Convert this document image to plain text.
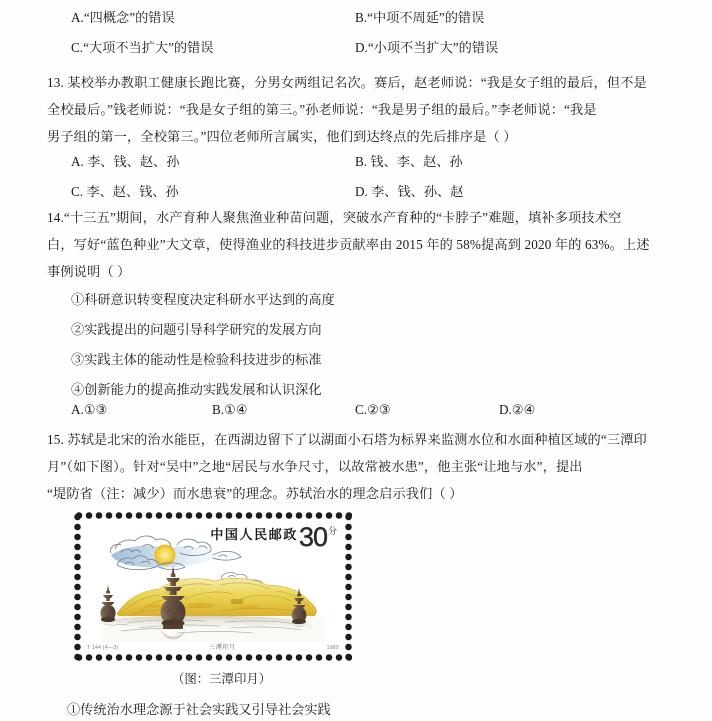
A.“四概念”的错误	B.“中项不周延”的错误
C.“大项不当扩大”的错误	D.“小项不当扩大”的错误
13. 某校举办教职工健康长跑比赛，分男女两组记名次。赛后，赵老师说：“我是女子组的最后，但不是
全校最后。”钱老师说：“我是女子组的第三。”孙老师说：“我是男子组的最后。”李老师说：“我是
男子组的第一，全校第三。”四位老师所言属实，他们到达终点的先后排序是（ ）
A. 李、钱、赵、孙	B. 钱、李、赵、孙
C. 李、赵、钱、孙	D. 李、钱、孙、赵
14.“十三五”期间，水产育种人聚焦渔业种苗问题，突破水产育种的“卡脖子”难题，填补多项技术空
白，写好“蓝色种业”大文章，使得渔业的科技进步贡献率由 2015 年的 58%提高到 2020 年的 63%。上述
事例说明（ ）
①科研意识转变程度决定科研水平达到的高度
②实践提出的问题引导科学研究的发展方向
③实践主体的能动性是检验科技进步的标准
④创新能力的提高推动实践发展和认识深化
A.①③	B.①④	C.②③	D.②④
15. 苏轼是北宋的治水能臣，在西湖边留下了以湖面小石塔为标界来监测水位和水面种植区域的“三潭印
月”（如下图）。针对“吴中”之地“居民与水争尺寸，以故常被水患”，他主张“让地与水”，提出
“堤防省（注：减少）而水患衰”的理念。苏轼治水的理念启示我们（ ）
中国人民邮政 30 分
T 144 (4—3)	三潭印月	1989
（图：三潭印月）
①传统治水理念源于社会实践又引导社会实践
